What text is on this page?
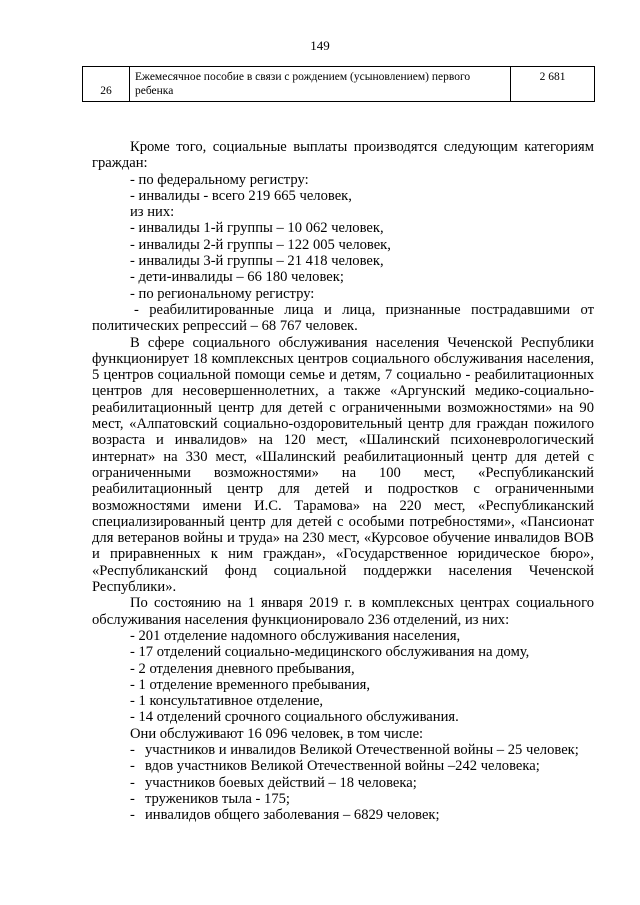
149
26	Ежемесячное пособие в связи с рождением (усыновлением) первого ребенка	2 681

Кроме того, социальные выплаты производятся следующим категориям граждан:

- по федеральному регистру:

- инвалиды - всего 219 665 человек,

из них:

- инвалиды 1-й группы – 10 062 человек,

- инвалиды 2-й группы – 122 005 человек,

- инвалиды 3-й группы – 21 418 человек,

- дети-инвалиды – 66 180 человек;

- по региональному регистру:

- реабилитированные лица и лица, признанные пострадавшими от политических репрессий – 68 767 человек.

В сфере социального обслуживания населения Чеченской Республики функционирует 18 комплексных центров социального обслуживания населения, 5 центров социальной помощи семье и детям, 7 социально - реабилитационных центров для несовершеннолетних, а также «Аргунский медико-социально-реабилитационный центр для детей с ограниченными возможностями» на 90 мест, «Алпатовский социально-оздоровительный центр для граждан пожилого возраста и инвалидов» на 120 мест, «Шалинский психоневрологический интернат» на 330 мест, «Шалинский реабилитационный центр для детей с ограниченными возможностями» на 100 мест, «Республиканский реабилитационный центр для детей и подростков с ограниченными возможностями имени И.С. Тарамова» на 220 мест, «Республиканский специализированный центр для детей с особыми потребностями», «Пансионат для ветеранов войны и труда» на 230 мест, «Курсовое обучение инвалидов ВОВ и приравненных к ним граждан», «Государственное юридическое бюро», «Республиканский фонд социальной поддержки населения Чеченской Республики».

По состоянию на 1 января 2019 г. в комплексных центрах социального обслуживания населения функционировало 236 отделений, из них:

- 201 отделение надомного обслуживания населения,

- 17 отделений социально-медицинского обслуживания на дому,

- 2 отделения дневного пребывания,

- 1 отделение временного пребывания,

- 1 консультативное отделение,

- 14 отделений срочного социального обслуживания.

Они обслуживают 16 096 человек, в том числе:

- участников и инвалидов Великой Отечественной войны – 25 человек;
- вдов участников Великой Отечественной войны –242 человека;
- участников боевых действий – 18 человека;
- тружеников тыла - 175;
- инвалидов общего заболевания – 6829 человек;
